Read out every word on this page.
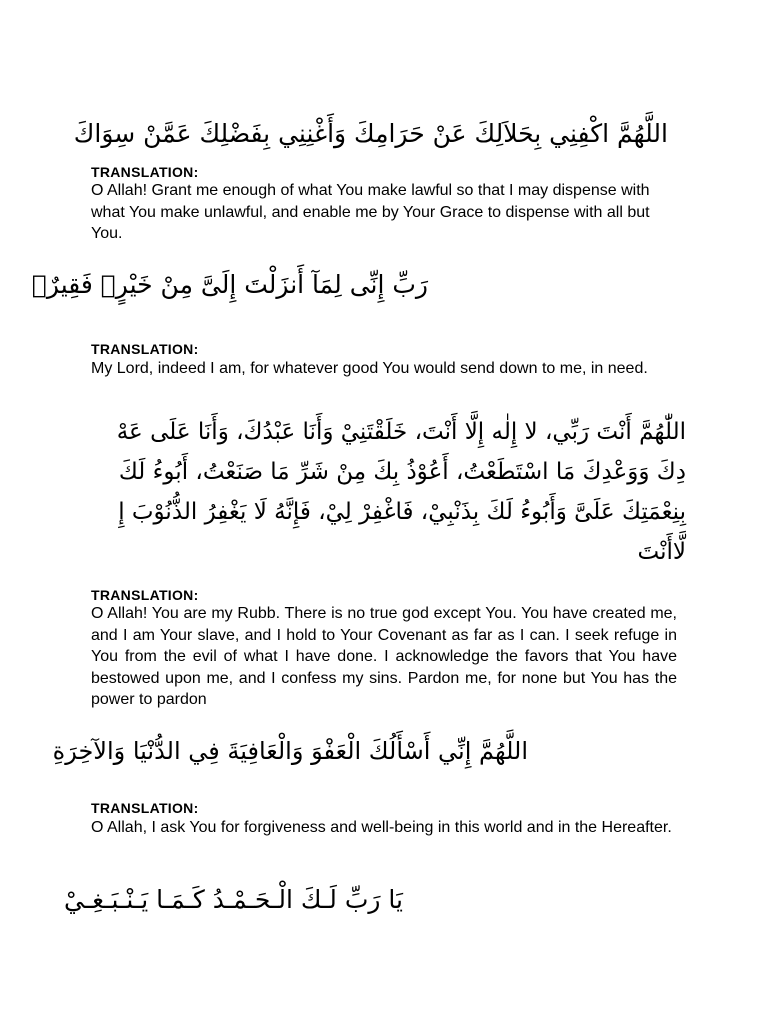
اللَّهُمَّ اكْفِنِي بِحَلاَلِكَ عَنْ حَرَامِكَ وَأَغْنِنِي بِفَضْلِكَ عَمَّنْ سِوَاكَ
TRANSLATION:
O Allah! Grant me enough of what You make lawful so that I may dispense with what You make unlawful, and enable me by Your Grace to dispense with all but You.
رَبِّ إِنِّى لِمَآ أَنزَلْتَ إِلَىَّ مِنْ خَيْرٍۢ فَقِيرٌۭ
TRANSLATION:
My Lord, indeed I am, for whatever good You would send down to me, in need.
اللّٰهُمَّ أَنْتَ رَبِّي، لا إِلٰه إِلَّا أَنْتَ، خَلَقْتَنِيْ وَأَنَا عَبْدُكَ، وَأَنَا عَلَى عَهْ
دِكَ وَوَعْدِكَ مَا اسْتَطَعْتُ، أَعُوْذُ بِكَ مِنْ شَرِّ مَا صَنَعْتُ، أَبُوءُ لَكَ
بِنِعْمَتِكَ عَلَىَّ وَأَبُوءُ لَكَ بِذَنْبِيْ، فَاغْفِرْ لِيْ، فَإِنَّهُ لَا يَغْفِرُ الذُّنُوْبَ إِ
لَّاأَنْتَ
TRANSLATION:
O Allah! You are my Rubb. There is no true god except You. You have created me, and I am Your slave, and I hold to Your Covenant as far as I can. I seek refuge in You from the evil of what I have done. I acknowledge the favors that You have bestowed upon me, and I confess my sins. Pardon me, for none but You has the power to pardon
اللَّهُمَّ إِنِّي أَسْأَلُكَ الْعَفْوَ وَالْعَافِيَةَ فِي الدُّنْيَا وَالآخِرَةِ
TRANSLATION:
O Allah, I ask You for forgiveness and well-being in this world and in the Hereafter.
يَا رَبِّ لَـكَ الْـحَـمْـدُ كَـمَـا يَـنْـبَـغِـيْ
